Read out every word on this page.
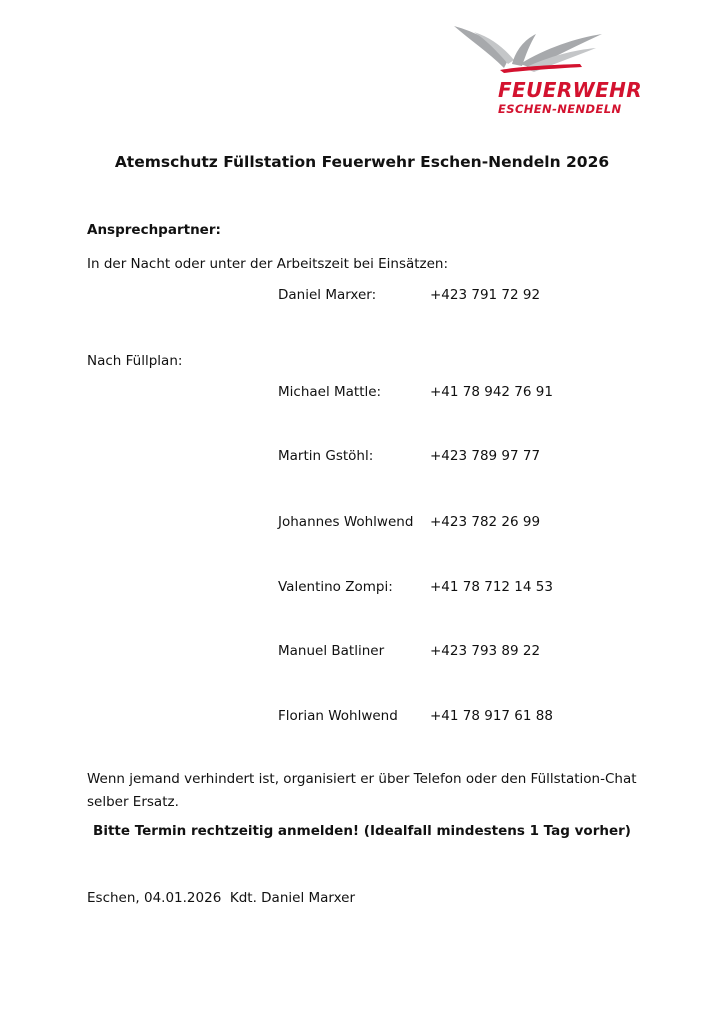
FEUERWEHR
ESCHEN-NENDELN
Atemschutz Füllstation Feuerwehr Eschen-Nendeln 2026
Ansprechpartner:
In der Nacht oder unter der Arbeitszeit bei Einsätzen:
Daniel Marxer:	+423 791 72 92
Nach Füllplan:
Michael Mattle:	+41 78 942 76 91
Martin Gstöhl:	+423 789 97 77
Johannes Wohlwend +423 782 26 99
Valentino Zompi:	+41 78 712 14 53
Manuel Batliner	+423 793 89 22
Florian Wohlwend +41 78 917 61 88
Wenn jemand verhindert ist, organisiert er über Telefon oder den Füllstation-Chat
selber Ersatz.
Bitte Termin rechtzeitig anmelden! (Idealfall mindestens 1 Tag vorher)
Eschen, 04.01.2026  Kdt. Daniel Marxer
